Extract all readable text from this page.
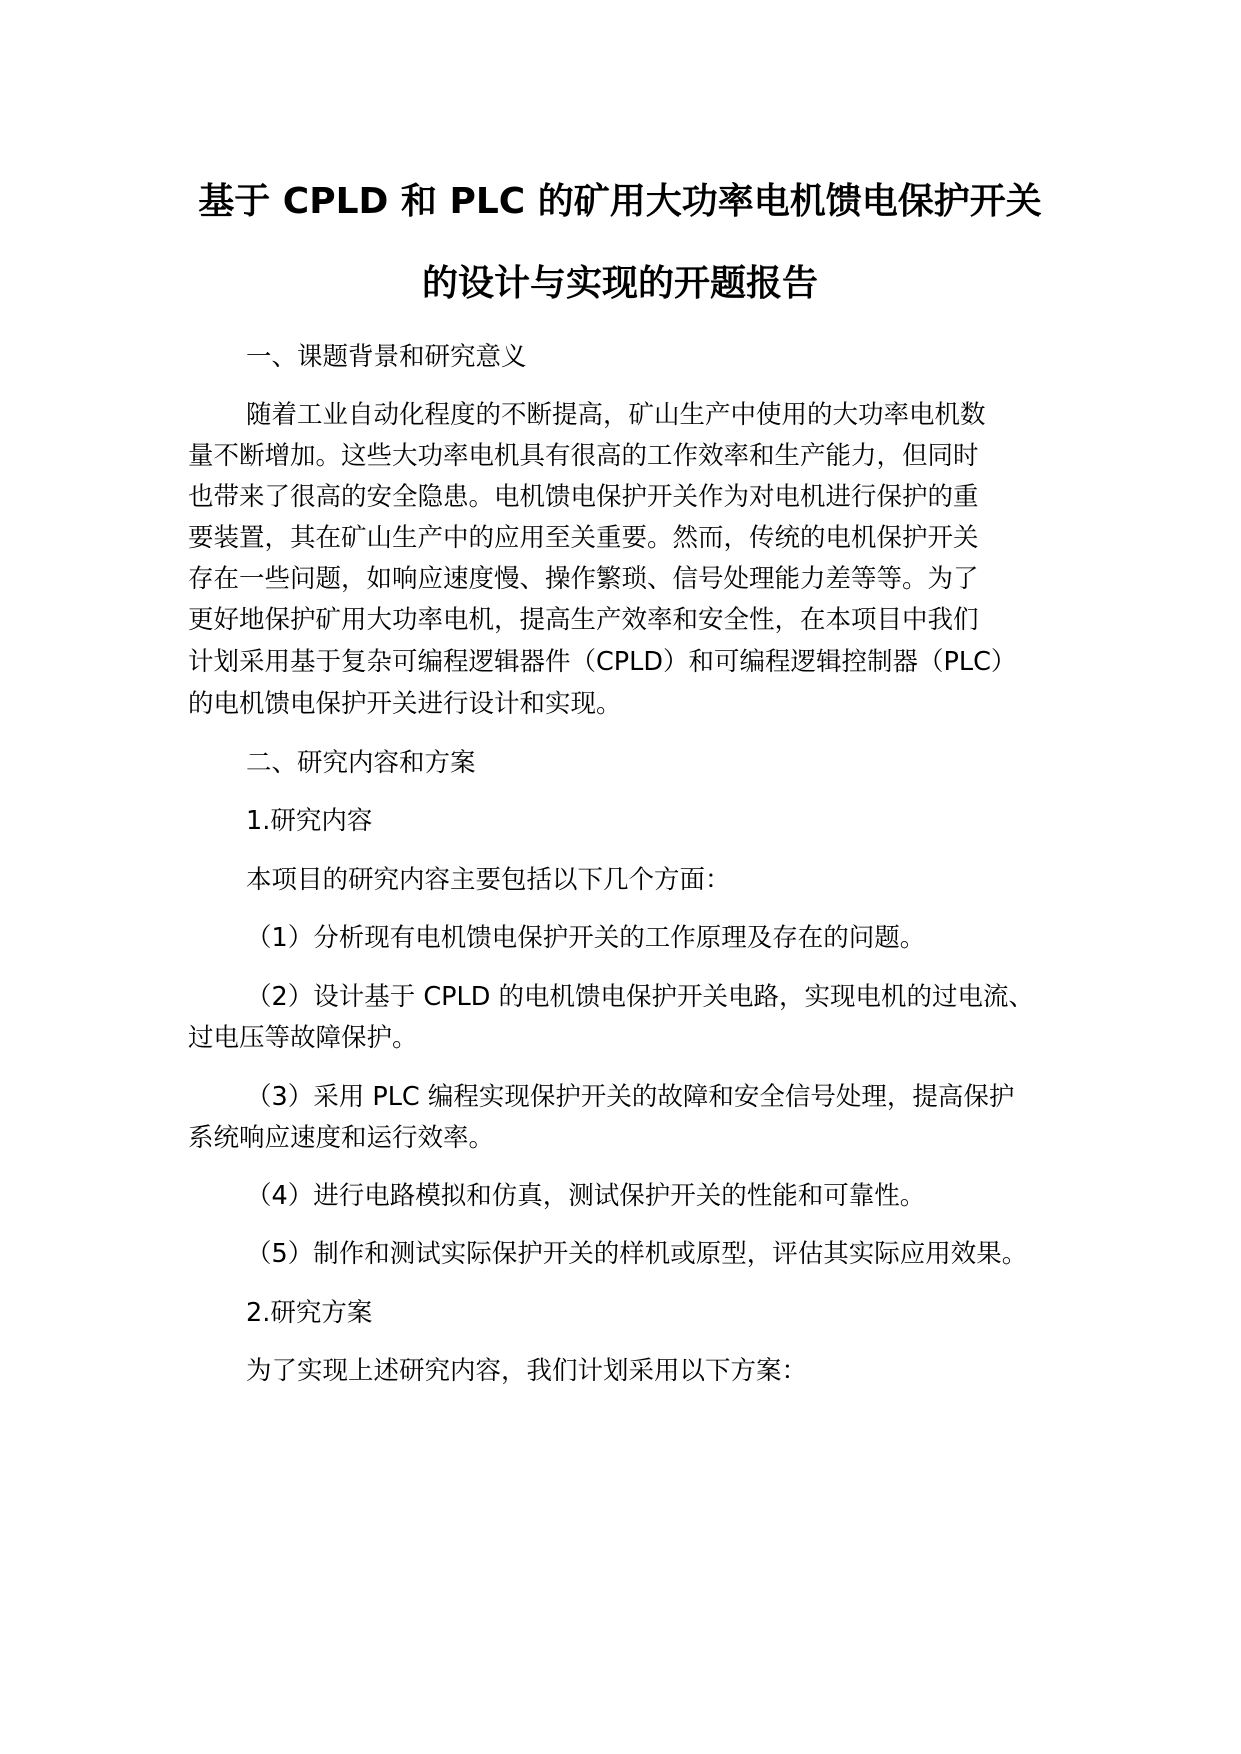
基于 CPLD 和 PLC 的矿用大功率电机馈电保护开关
的设计与实现的开题报告
一、课题背景和研究意义
随着工业自动化程度的不断提高，矿山生产中使用的大功率电机数
量不断增加。这些大功率电机具有很高的工作效率和生产能力，但同时
也带来了很高的安全隐患。电机馈电保护开关作为对电机进行保护的重
要装置，其在矿山生产中的应用至关重要。然而，传统的电机保护开关
存在一些问题，如响应速度慢、操作繁琐、信号处理能力差等等。为了
更好地保护矿用大功率电机，提高生产效率和安全性，在本项目中我们
计划采用基于复杂可编程逻辑器件（CPLD）和可编程逻辑控制器（PLC）
的电机馈电保护开关进行设计和实现。
二、研究内容和方案
1.研究内容
本项目的研究内容主要包括以下几个方面：
（1）分析现有电机馈电保护开关的工作原理及存在的问题。
（2）设计基于 CPLD 的电机馈电保护开关电路，实现电机的过电流、
过电压等故障保护。
（3）采用 PLC 编程实现保护开关的故障和安全信号处理，提高保护
系统响应速度和运行效率。
（4）进行电路模拟和仿真，测试保护开关的性能和可靠性。
（5）制作和测试实际保护开关的样机或原型，评估其实际应用效果。
2.研究方案
为了实现上述研究内容，我们计划采用以下方案：
